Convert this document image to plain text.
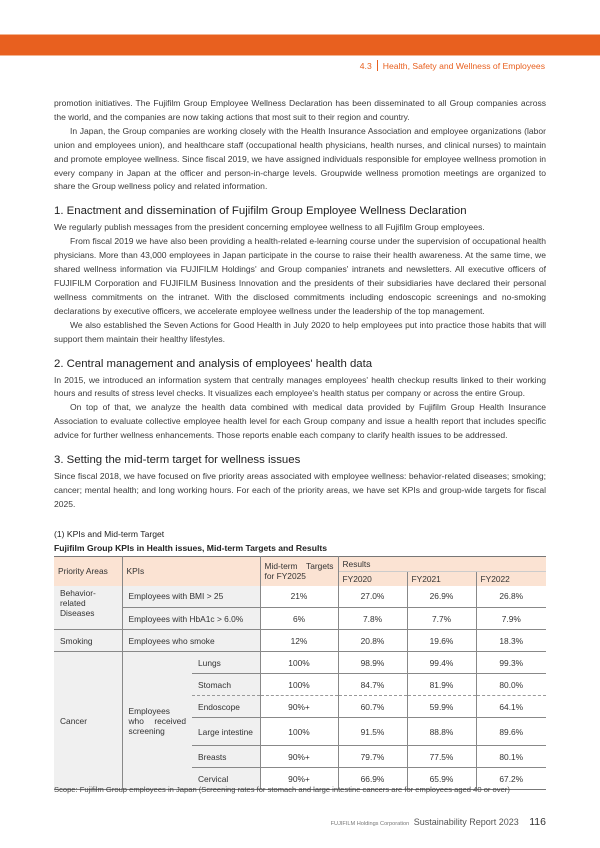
4.3 Health, Safety and Wellness of Employees

promotion initiatives. The Fujifilm Group Employee Wellness Declaration has been disseminated to all Group companies across the world, and the companies are now taking actions that most suit to their region and country.

In Japan, the Group companies are working closely with the Health Insurance Association and employee organizations (labor union and employees union), and healthcare staff (occupational health physicians, health nurses, and clinical nurses) to maintain and promote employee wellness. Since fiscal 2019, we have assigned individuals responsible for employee wellness promotion in every company in Japan at the officer and person-in-charge levels. Groupwide wellness promotion meetings are organized to share the Group wellness policy and related information.

1. Enactment and dissemination of Fujifilm Group Employee Wellness Declaration

We regularly publish messages from the president concerning employee wellness to all Fujifilm Group employees.

From fiscal 2019 we have also been providing a health-related e-learning course under the supervision of occupational health physicians. More than 43,000 employees in Japan participate in the course to raise their health awareness. At the same time, we shared wellness information via FUJIFILM Holdings' and Group companies' intranets and newsletters. All executive officers of FUJIFILM Corporation and FUJIFILM Business Innovation and the presidents of their subsidiaries have declared their personal wellness commitments on the intranet. With the disclosed commitments including endoscopic screenings and no-smoking declarations by executive officers, we accelerate employee wellness under the leadership of the top management.

We also established the Seven Actions for Good Health in July 2020 to help employees put into practice those habits that will support them maintain their healthy lifestyles.

2. Central management and analysis of employees' health data

In 2015, we introduced an information system that centrally manages employees' health checkup results linked to their working hours and results of stress level checks. It visualizes each employee's health status per company or across the entire Group.

On top of that, we analyze the health data combined with medical data provided by Fujifilm Group Health Insurance Association to evaluate collective employee health level for each Group company and issue a health report that includes specific advice for further wellness enhancements. Those reports enable each company to clarify health issues to be addressed.

3. Setting the mid-term target for wellness issues

Since fiscal 2018, we have focused on five priority areas associated with employee wellness: behavior-related diseases; smoking; cancer; mental health; and long working hours. For each of the priority areas, we have set KPIs and group-wide targets for fiscal 2025.

(1) KPIs and Mid-term Target

Fujifilm Group KPIs in Health issues, Mid-term Targets and Results

Priority Areas	KPIs		Mid-term Targets for FY2025	Results		
				FY2020	FY2021	FY2022
Behavior-related Diseases	Employees with BMI > 25		21%	27.0%	26.9%	26.8%
	Employees with HbA1c > 6.0%		6%	7.8%	7.7%	7.9%
Smoking	Employees who smoke		12%	20.8%	19.6%	18.3%
Cancer	Employees who received screening	Lungs	100%	98.9%	99.4%	99.3%
		Stomach	100%	84.7%	81.9%	80.0%
		Endoscope	90%+	60.7%	59.9%	64.1%
		Large intestine	100%	91.5%	88.8%	89.6%
		Breasts	90%+	79.7%	77.5%	80.1%
		Cervical	90%+	66.9%	65.9%	67.2%
Scope: Fujifilm Group employees in Japan (Screening rates for stomach and large intestine cancers are for employees aged 40 or over)
FUJIFILM Holdings Corporation Sustainability Report 2023 116
